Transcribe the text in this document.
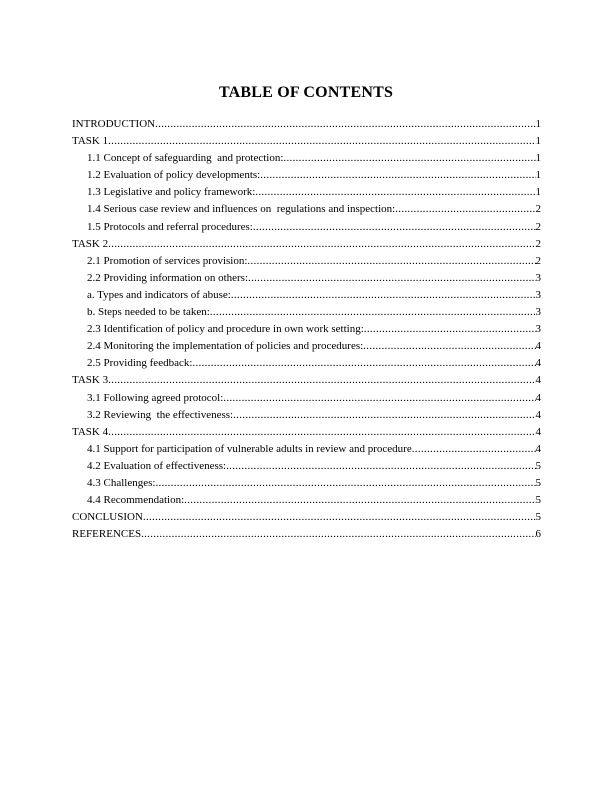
TABLE OF CONTENTS
INTRODUCTION .....	1
TASK 1 .....	1
1.1 Concept of safeguarding  and protection: .....	1
1.2 Evaluation of policy developments: .....	1
1.3 Legislative and policy framework: .....	1
1.4 Serious case review and influences on  regulations and inspection: .....	2
1.5 Protocols and referral procedures: .....	2
TASK 2 .....	2
2.1 Promotion of services provision: .....	2
2.2 Providing information on others: .....	3
a. Types and indicators of abuse: .....	3
b. Steps needed to be taken: .....	3
2.3 Identification of policy and procedure in own work setting: .....	3
2.4 Monitoring the implementation of policies and procedures: .....	4
2.5 Providing feedback: .....	4
TASK 3 .....	4
3.1 Following agreed protocol: .....	4
3.2 Reviewing  the effectiveness: .....	4
TASK 4 .....	4
4.1 Support for participation of vulnerable adults in review and procedure .....	4
4.2 Evaluation of effectiveness: .....	5
4.3 Challenges: .....	5
4.4 Recommendation: .....	5
CONCLUSION .....	5
REFERENCES .....	6
